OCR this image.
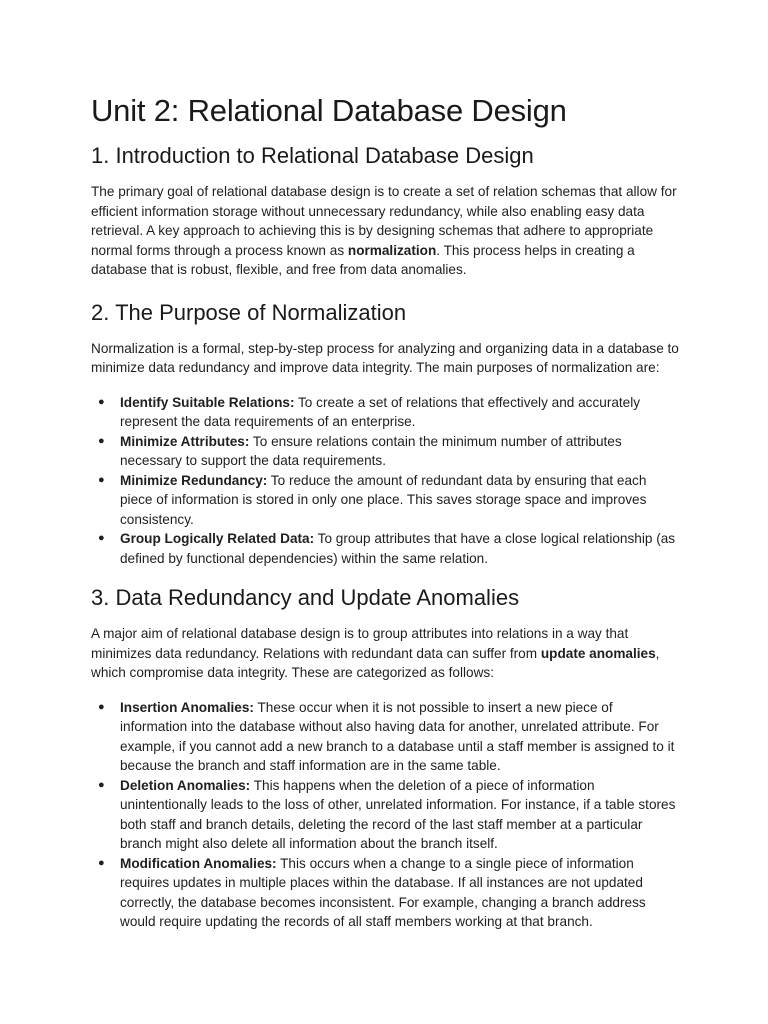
Unit 2: Relational Database Design
1. Introduction to Relational Database Design

The primary goal of relational database design is to create a set of relation schemas that allow for efficient information storage without unnecessary redundancy, while also enabling easy data retrieval. A key approach to achieving this is by designing schemas that adhere to appropriate normal forms through a process known as normalization. This process helps in creating a database that is robust, flexible, and free from data anomalies.

2. The Purpose of Normalization

Normalization is a formal, step-by-step process for analyzing and organizing data in a database to minimize data redundancy and improve data integrity. The main purposes of normalization are:

● Identify Suitable Relations: To create a set of relations that effectively and accurately represent the data requirements of an enterprise.
● Minimize Attributes: To ensure relations contain the minimum number of attributes necessary to support the data requirements.
● Minimize Redundancy: To reduce the amount of redundant data by ensuring that each piece of information is stored in only one place. This saves storage space and improves consistency.
● Group Logically Related Data: To group attributes that have a close logical relationship (as defined by functional dependencies) within the same relation.
3. Data Redundancy and Update Anomalies

A major aim of relational database design is to group attributes into relations in a way that minimizes data redundancy. Relations with redundant data can suffer from update anomalies, which compromise data integrity. These are categorized as follows:

● Insertion Anomalies: These occur when it is not possible to insert a new piece of information into the database without also having data for another, unrelated attribute. For example, if you cannot add a new branch to a database until a staff member is assigned to it because the branch and staff information are in the same table.
● Deletion Anomalies: This happens when the deletion of a piece of information unintentionally leads to the loss of other, unrelated information. For instance, if a table stores both staff and branch details, deleting the record of the last staff member at a particular branch might also delete all information about the branch itself.
● Modification Anomalies: This occurs when a change to a single piece of information requires updates in multiple places within the database. If all instances are not updated correctly, the database becomes inconsistent. For example, changing a branch address would require updating the records of all staff members working at that branch.
